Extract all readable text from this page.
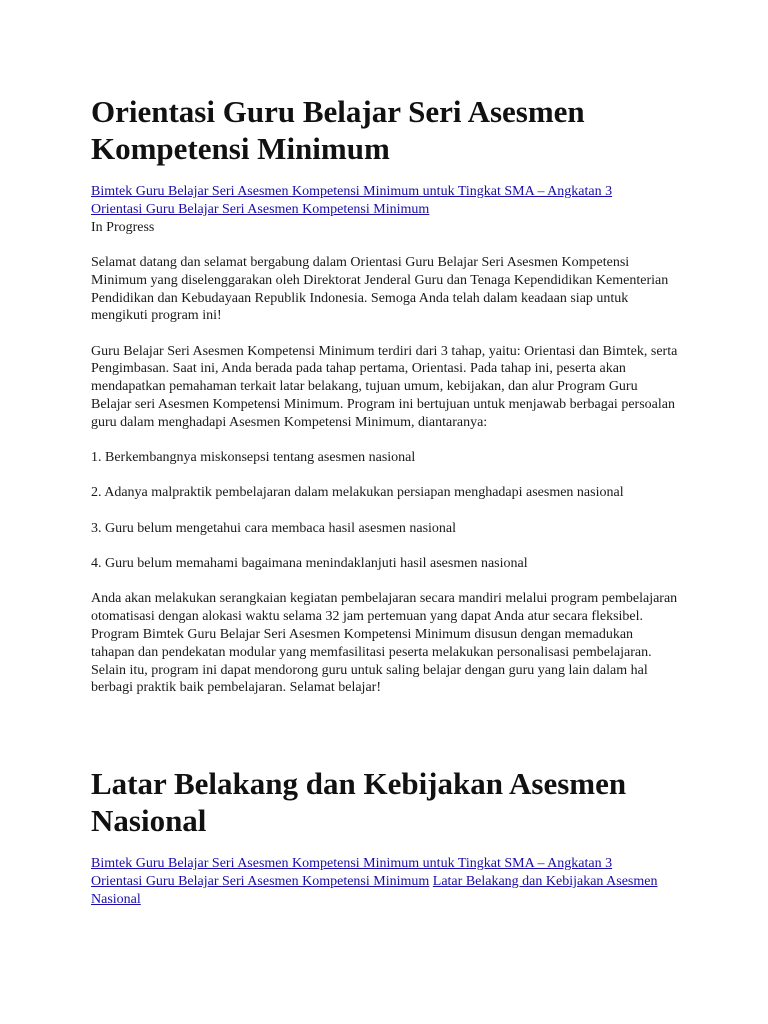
Orientasi Guru Belajar Seri Asesmen Kompetensi Minimum
Bimtek Guru Belajar Seri Asesmen Kompetensi Minimum untuk Tingkat SMA – Angkatan 3
Orientasi Guru Belajar Seri Asesmen Kompetensi Minimum
In Progress

Selamat datang dan selamat bergabung dalam Orientasi Guru Belajar Seri Asesmen Kompetensi Minimum yang diselenggarakan oleh Direktorat Jenderal Guru dan Tenaga Kependidikan Kementerian Pendidikan dan Kebudayaan Republik Indonesia. Semoga Anda telah dalam keadaan siap untuk mengikuti program ini!

Guru Belajar Seri Asesmen Kompetensi Minimum terdiri dari 3 tahap, yaitu: Orientasi dan Bimtek, serta Pengimbasan. Saat ini, Anda berada pada tahap pertama, Orientasi. Pada tahap ini, peserta akan mendapatkan pemahaman terkait latar belakang, tujuan umum, kebijakan, dan alur Program Guru Belajar seri Asesmen Kompetensi Minimum. Program ini bertujuan untuk menjawab berbagai persoalan guru dalam menghadapi Asesmen Kompetensi Minimum, diantaranya:

1. Berkembangnya miskonsepsi tentang asesmen nasional

2. Adanya malpraktik pembelajaran dalam melakukan persiapan menghadapi asesmen nasional

3. Guru belum mengetahui cara membaca hasil asesmen nasional

4. Guru belum memahami bagaimana menindaklanjuti hasil asesmen nasional

Anda akan melakukan serangkaian kegiatan pembelajaran secara mandiri melalui program pembelajaran otomatisasi dengan alokasi waktu selama 32 jam pertemuan yang dapat Anda atur secara fleksibel. Program Bimtek Guru Belajar Seri Asesmen Kompetensi Minimum disusun dengan memadukan tahapan dan pendekatan modular yang memfasilitasi peserta melakukan personalisasi pembelajaran. Selain itu, program ini dapat mendorong guru untuk saling belajar dengan guru yang lain dalam hal berbagi praktik baik pembelajaran. Selamat belajar!

Latar Belakang dan Kebijakan Asesmen Nasional
Bimtek Guru Belajar Seri Asesmen Kompetensi Minimum untuk Tingkat SMA – Angkatan 3
Orientasi Guru Belajar Seri Asesmen Kompetensi Minimum Latar Belakang dan Kebijakan Asesmen Nasional
